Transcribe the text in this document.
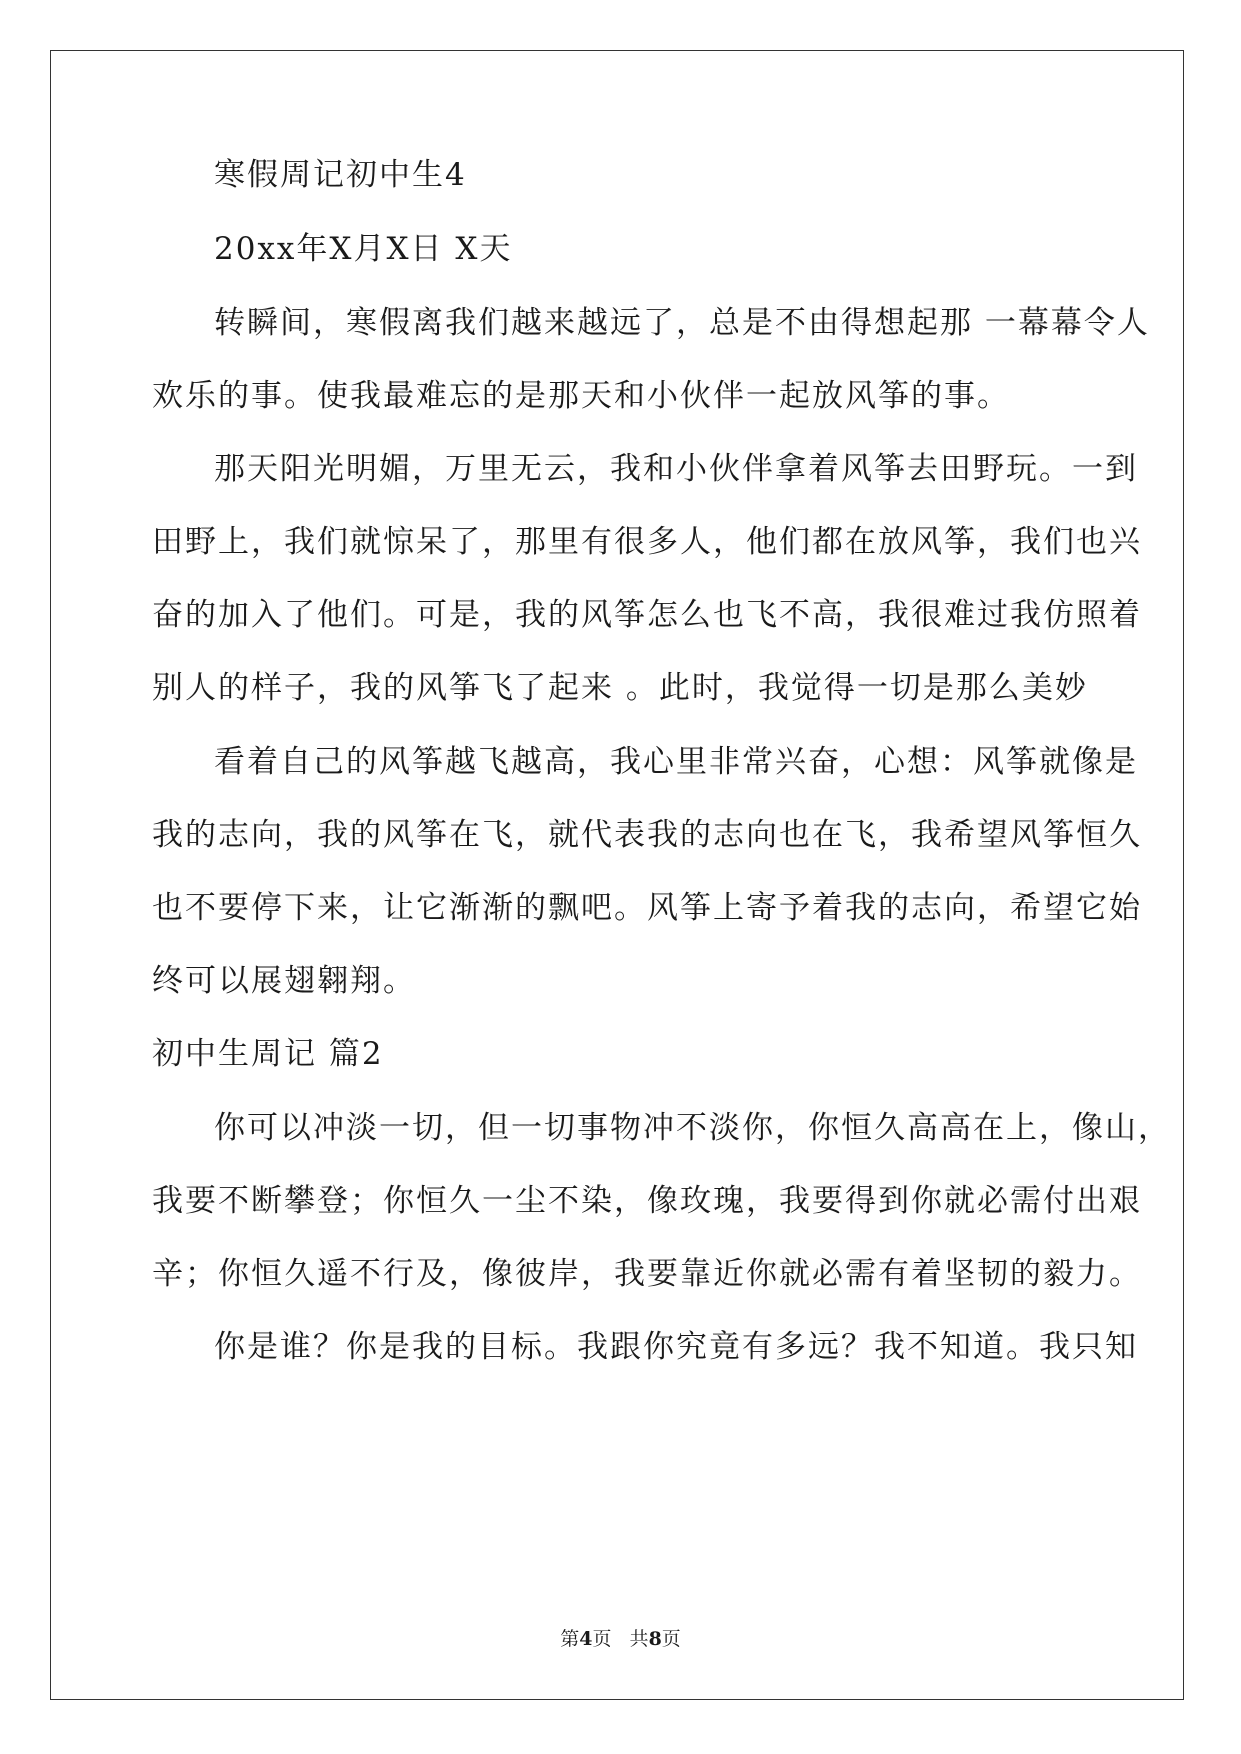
寒假周记初中生4
20xx年X月X日 X天
转瞬间，寒假离我们越来越远了，总是不由得想起那 一幕幕令人
欢乐的事。使我最难忘的是那天和小伙伴一起放风筝的事。
那天阳光明媚，万里无云，我和小伙伴拿着风筝去田野玩。一到
田野上，我们就惊呆了，那里有很多人，他们都在放风筝，我们也兴
奋的加入了他们。可是，我的风筝怎么也飞不高，我很难过我仿照着
别人的样子，我的风筝飞了起来 。此时，我觉得一切是那么美妙
看着自己的风筝越飞越高，我心里非常兴奋，心想：风筝就像是
我的志向，我的风筝在飞，就代表我的志向也在飞，我希望风筝恒久
也不要停下来，让它渐渐的飘吧。风筝上寄予着我的志向，希望它始
终可以展翅翱翔。
初中生周记 篇2
你可以冲淡一切，但一切事物冲不淡你，你恒久高高在上，像山，
我要不断攀登；你恒久一尘不染，像玫瑰，我要得到你就必需付出艰
辛；你恒久遥不行及，像彼岸，我要靠近你就必需有着坚韧的毅力。
你是谁？你是我的目标。我跟你究竟有多远？我不知道。我只知
第4页   共8页
